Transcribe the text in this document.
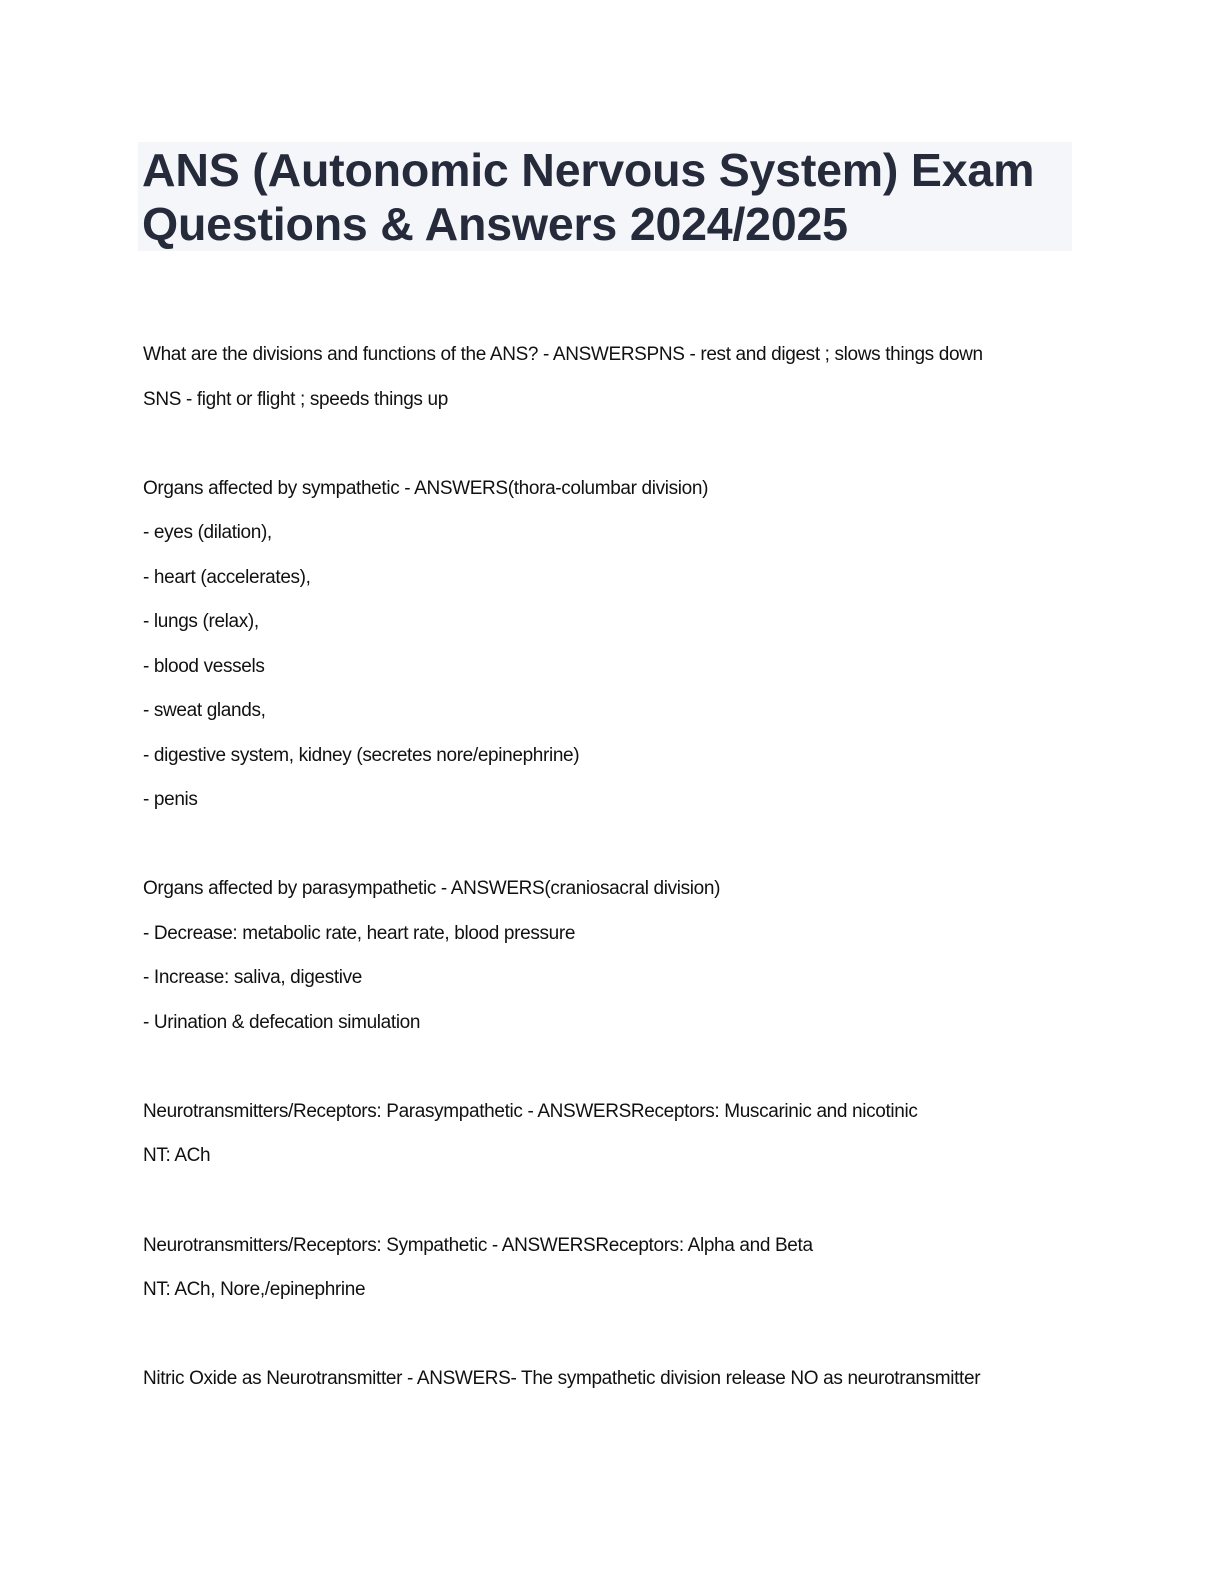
ANS (Autonomic Nervous System) Exam
Questions & Answers 2024/2025

What are the divisions and functions of the ANS? - ANSWERSPNS - rest and digest ; slows things down

SNS - fight or flight ; speeds things up

Organs affected by sympathetic - ANSWERS(thora-columbar division)

- eyes (dilation),

- heart (accelerates),

- lungs (relax),

- blood vessels

- sweat glands,

- digestive system, kidney (secretes nore/epinephrine)

- penis

Organs affected by parasympathetic - ANSWERS(craniosacral division)

- Decrease: metabolic rate, heart rate, blood pressure

- Increase: saliva, digestive

- Urination & defecation simulation

Neurotransmitters/Receptors: Parasympathetic - ANSWERSReceptors: Muscarinic and nicotinic

NT: ACh

Neurotransmitters/Receptors: Sympathetic - ANSWERSReceptors: Alpha and Beta

NT: ACh, Nore,/epinephrine

Nitric Oxide as Neurotransmitter - ANSWERS- The sympathetic division release NO as neurotransmitter
